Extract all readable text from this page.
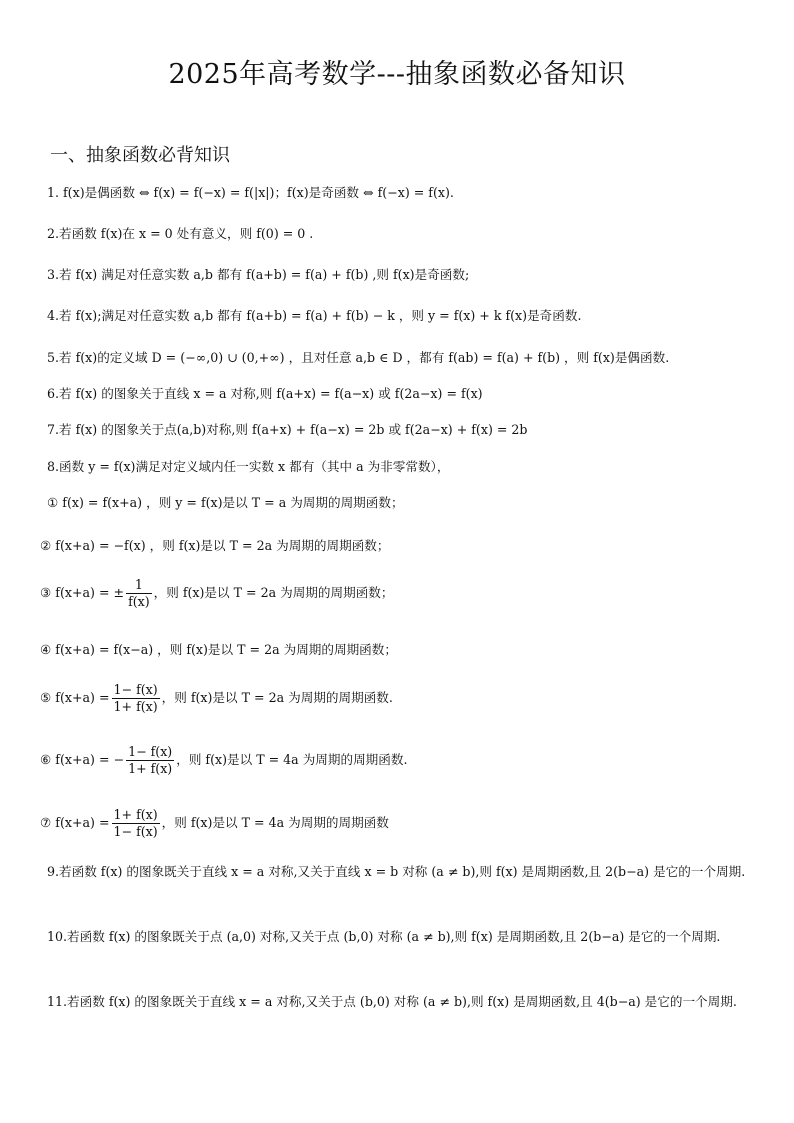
2025年高考数学---抽象函数必备知识
一、抽象函数必背知识
1. f(x)是偶函数 ⇔ f(x) = f(−x) = f(|x|)；f(x)是奇函数 ⇔ f(−x) = f(x).
2.若函数 f(x)在 x = 0 处有意义，则 f(0) = 0 .
3.若 f(x) 满足对任意实数 a,b 都有 f(a+b) = f(a) + f(b) ,则 f(x)是奇函数;
4.若 f(x);满足对任意实数 a,b 都有 f(a+b) = f(a) + f(b) − k ，则 y = f(x) + k f(x)是奇函数.
5.若 f(x)的定义域 D = (−∞,0) ∪ (0,+∞) ，且对任意 a,b ∈ D ，都有 f(ab) = f(a) + f(b) ，则 f(x)是偶函数.
6.若 f(x) 的图象关于直线 x = a 对称,则 f(a+x) = f(a−x) 或 f(2a−x) = f(x)
7.若 f(x) 的图象关于点(a,b)对称,则 f(a+x) + f(a−x) = 2b 或 f(2a−x) + f(x) = 2b
8.函数 y = f(x)满足对定义域内任一实数 x 都有（其中 a 为非零常数），
① f(x) = f(x+a) ，则 y = f(x)是以 T = a 为周期的周期函数；
② f(x+a) = −f(x) ，则 f(x)是以 T = 2a 为周期的周期函数；
③ f(x+a) = ± $\frac{1}{f(x)}$ ，则 f(x)是以 T = 2a 为周期的周期函数；
④ f(x+a) = f(x−a) ，则 f(x)是以 T = 2a 为周期的周期函数；
⑤ $f(x+a) = \frac{1- f(x)}{1+ f(x)}$ ，则 f(x)是以 T = 2a 为周期的周期函数.
⑥ f(x+a) = − $\frac{1- f(x)}{1+ f(x)}$ ，则 f(x)是以 T = 4a 为周期的周期函数.
⑦ $f(x+a) = \frac{1+ f(x)}{1- f(x)}$ ，则 f(x)是以 T = 4a 为周期的周期函数
9.若函数 f(x) 的图象既关于直线 x = a 对称,又关于直线 x = b 对称 (a ≠ b),则 f(x) 是周期函数,且 2(b−a) 是它的一个周期.
10.若函数 f(x) 的图象既关于点 (a,0) 对称,又关于点 (b,0) 对称 (a ≠ b),则 f(x) 是周期函数,且 2(b−a) 是它的一个周期.
11.若函数 f(x) 的图象既关于直线 x = a 对称,又关于点 (b,0) 对称 (a ≠ b),则 f(x) 是周期函数,且 4(b−a) 是它的一个周期.
